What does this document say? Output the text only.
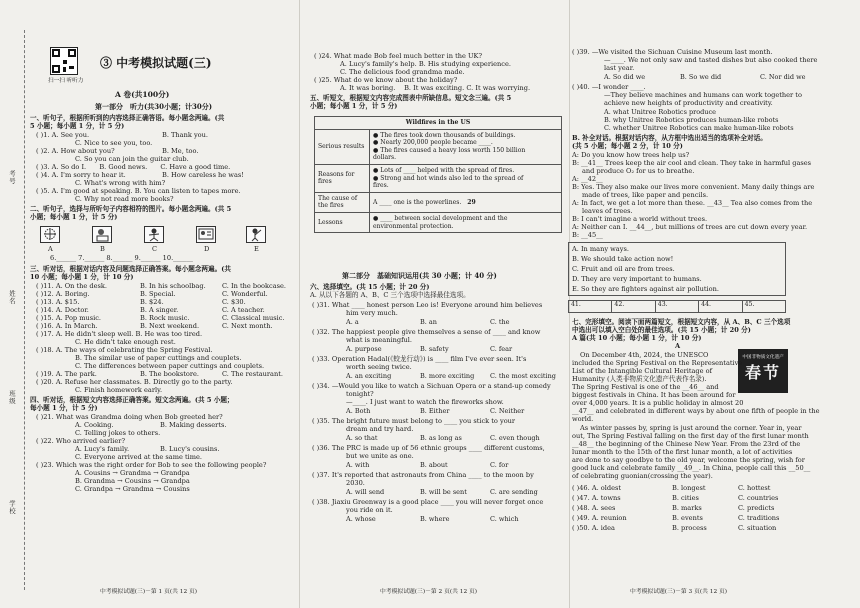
考号
姓名
班级
学校
扫一扫 听听力
③ 中考模拟试题(三)
A 卷(共100分)
第一部分　听力(共30小题；计30分)
一、听句子，根据所听到的内容选择正确答语。每小题念两遍。(共
5 小题；每小题 1 分，计 5 分)
( )1. A. See you.	B. Thank you.
C. Nice to see you, too.
( )2. A. How about you?	B. Me, too.
C. So you can join the guitar club.
( )3. A. So do I.　　B. Good news.　　C. Have a good time.
( )4. A. I'm sorry to hear it.	B. How careless he was!
C. What's wrong with him?
( )5. A. I'm good at speaking. B. You can listen to tapes more.
C. Why not read more books?
二、听句子，选择与所听句子内容相符的图片。每小题念两遍。(共 5
小题；每小题 1 分，计 5 分)
A	B	C	D	E
6.______ 7.______ 8.______ 9.______ 10.______
三、听对话，根据对话内容及问题选择正确答案。每小题念两遍。(共
10 小题；每小题 1 分，计 10 分)
( )11. A. On the desk.	B. In his schoolbag. C. In the bookcase.
( )12. A. Boring.	B. Special.	C. Wonderful.
( )13. A. $15.	B. $24.	C. $30.
( )14. A. Doctor.	B. A singer.	C. A teacher.
( )15. A. Pop music.	B. Rock music.	C. Classical music.
( )16. A. In March.	B. Next weekend.	C. Next month.
( )17. A. He didn't sleep well. B. He was too tired.
C. He didn't take enough rest.
( )18. A. The ways of celebrating the Spring Festival.
B. The similar use of paper cuttings and couplets.
C. The differences between paper cuttings and couplets.
( )19. A. The park.	B. The bookstore.	C. The restaurant.
( )20. A. Refuse her classmates. B. Directly go to the party.
C. Finish homework early.
四、听对话，根据短文内容选择正确答案。短文念两遍。(共 5 小题；
每小题 1 分，计 5 分)
( )21. What was Grandma doing when Bob greeted her?
A. Cooking.	B. Making desserts.
C. Telling jokes to others.
( )22. Who arrived earlier?
A. Lucy's family.	B. Lucy's cousins.
C. Everyone arrived at the same time.
( )23. Which was the right order for Bob to see the following people?
A. Cousins → Grandma → Grandpa
B. Grandma → Cousins → Grandpa
C. Grandpa → Grandma → Cousins
中考模拟试题(三)－第 1 页(共 12 页)
( )24. What made Bob feel much better in the UK?
A. Lucy's family's help. B. His studying experience.
C. The delicious food grandma made.
( )25. What do we know about the holiday?
A. It was boring.　 B. It was exciting. C. It was worrying.
五、听短文，根据短文内容完成图表中所缺信息。短文念三遍。(共 5
小题；每小题 1 分，计 5 分)
Wildfires in the US	
Serious results	● The fires took down thousands of buildings.
● Nearly 200,000 people became ____.
● The fires caused a heavy loss worth 150 billion
dollars.

Reasons for fires	● Lots of ____ helped with the spread of fires.
● Strong and hot winds also led to the spread of
fires.

The cause of the fires	A ____ one is the powerlines. 29
Lessons	● ____ between social development and the
environmental protection.
第二部分　基础知识运用(共 30 小题；计 40 分)
六、选择填空。(共 15 小题；计 20 分)
A. 从以下各题的 A、B、C 三个选项中选择最佳选项。
( )31. What ____ honest person Leo is! Everyone around him believes
him very much.
A. a	B. an	C. the
( )32. The happiest people give themselves a sense of ____ and know
what is meaningful.
A. purpose	B. safety	C. fear
( )33. Operation Hadal(《蛟龙行动》) is ____ film I've ever seen. It's
worth seeing twice.
A. an exciting	B. more exciting C. the most exciting
( )34. —Would you like to watch a Sichuan Opera or a stand-up comedy
tonight?
—____. I just want to watch the fireworks show.
A. Both	B. Either	C. Neither
( )35. The bright future must belong to ____ you stick to your
dream and try hard.
A. so that	B. as long as	C. even though
( )36. The PRC is made up of 56 ethnic groups ____ different customs,
but we unite as one.
A. with	B. about	C. for
( )37. It's reported that astronauts from China ____ to the moon by
2030.
A. will send	B. will be sent	C. are sending
( )38. Jiaxiu Greenway is a good place ____ you will never forget once
you ride on it.
A. whose	B. where	C. which
中考模拟试题(三)－第 2 页(共 12 页)
( )39. —We visited the Sichuan Cuisine Museum last month.
—____. We not only saw and tasted dishes but also cooked there
last year.
A. So did we	B. So we did	C. Nor did we
( )40. —I wonder ____.
—They believe machines and humans can work together to
achieve new heights of productivity and creativity.
A. what Unitree Robotics produce
B. why Unitree Robotics produces human-like robots
C. whether Unitree Robotics can make human-like robots
B. 补全对话。根据对话内容，从方框中选出适当的选项补全对话。
(共 5 小题；每小题 2 分，计 10 分)
A: Do you know how trees help us?
B: __41__ Trees keep the air cool and clean. They take in harmful gases
and produce O₂ for us to breathe.
A: __42__
B: Yes. They also make our lives more convenient. Many daily things are
made of trees, like paper and pencils.
A: In fact, we get a lot more than these. __43__ Tea also comes from the
leaves of trees.
B: I can't imagine a world without trees.
A: Neither can I. __44__, but millions of trees are cut down every year.
B: __45__
A. In many ways.
B. We should take action now!
C. Fruit and oil are from trees.
D. They are very important to humans.
E. So they are fighters against air pollution.
41.	42.	43.	44.	45.
七、完形填空。阅读下面两篇短文，根据短文内容，从 A、B、C 三个选项
中选出可以填入空白处的最佳选项。(共 15 小题；计 20 分)
A 篇(共 10 小题；每小题 1 分，计 10 分)
A
中国非物质文化遗产
春节
On December 4th, 2024, the UNESCO
included the Spring Festival on the Representative
List of the Intangible Cultural Heritage of
Humanity (人类非物质文化遗产代表作名录).
The Spring Festival is one of the __46__ and
biggest festivals in China. It has been around for
over 4,000 years. It is a public holiday in almost 20
__47__ and celebrated in different ways by about one fifth of people in the
world.
As winter passes by, spring is just around the corner. Year in, year
out, The Spring Festival falling on the first day of the first lunar month
__48__ the beginning of the Chinese New Year. From the 23rd of the
lunar month to the 15th of the first lunar month, a lot of activities
are done to say goodbye to the old year, welcome the spring, wish for
good luck and celebrate family __49__. In China, people call this __50__
of celebrating guonian(crossing the year).
( )46. A. oldest	B. longest	C. hottest
( )47. A. towns	B. cities	C. countries
( )48. A. sees	B. marks	C. predicts
( )49. A. reunion	B. events	C. traditions
( )50. A. idea	B. process	C. situation
中考模拟试题(三)－第 3 页(共 12 页)
